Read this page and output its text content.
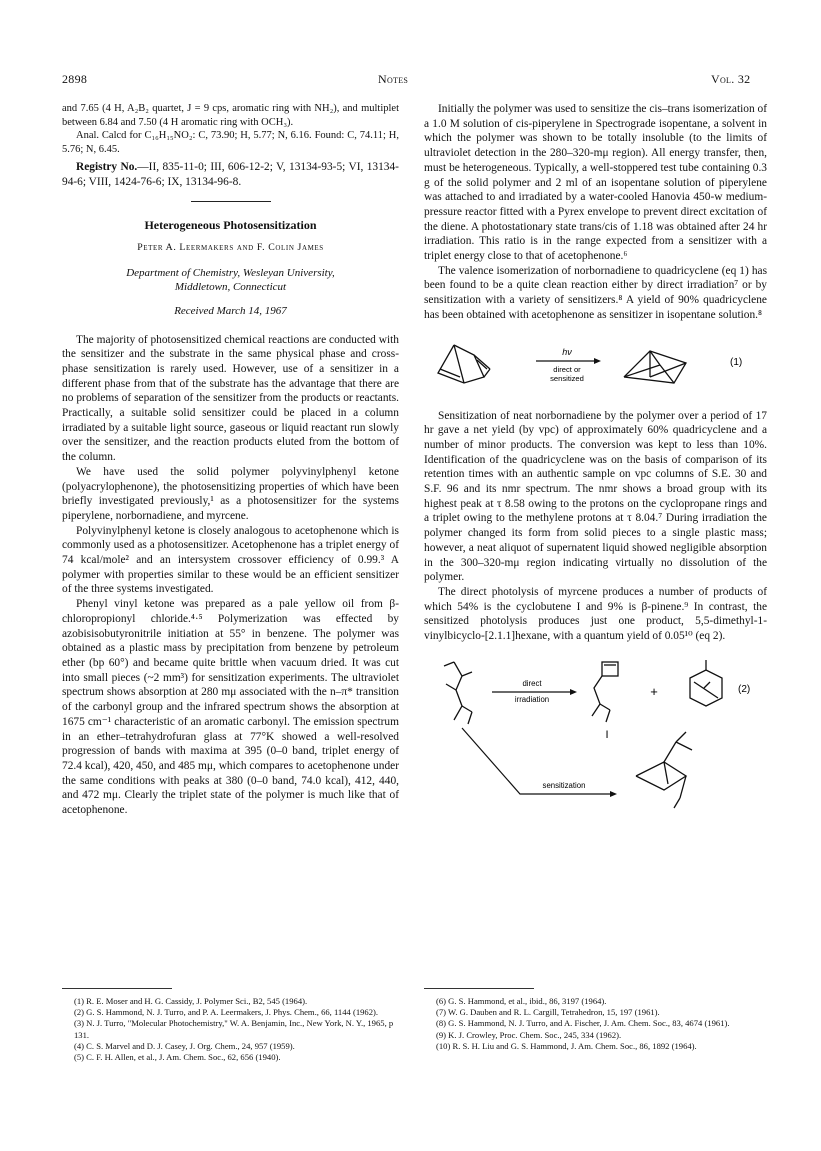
2898	Notes	Vol. 32

and 7.65 (4 H, A₂B₂ quartet, J = 9 cps, aromatic ring with NH₂), and multiplet between 6.84 and 7.50 (4 H aromatic ring with OCH₃).

Anal. Calcd for C₁₆H₁₅NO₂: C, 73.90; H, 5.77; N, 6.16. Found: C, 74.11; H, 5.76; N, 6.45.

Registry No.—II, 835-11-0; III, 606-12-2; V, 13134-93-5; VI, 13134-94-6; VIII, 1424-76-6; IX, 13134-96-8.

Heterogeneous Photosensitization
Peter A. Leermakers and F. Colin James
Department of Chemistry, Wesleyan University,
Middletown, Connecticut
Received March 14, 1967

The majority of photosensitized chemical reactions are conducted with the sensitizer and the substrate in the same physical phase and cross-phase sensitization is rarely used. However, use of a sensitizer in a different phase from that of the substrate has the advantage that there are no problems of separation of the sensitizer from the products or reactants. Practically, a suitable solid sensitizer could be placed in a column irradiated by a suitable light source, gaseous or liquid reactant run slowly over the sensitizer, and the reaction products eluted from the bottom of the column.

We have used the solid polymer polyvinylphenyl ketone (polyacrylophenone), the photosensitizing properties of which have been briefly investigated previously,¹ as a photosensitizer for the systems piperylene, norbornadiene, and myrcene.

Polyvinylphenyl ketone is closely analogous to acetophenone which is commonly used as a photosensitizer. Acetophenone has a triplet energy of 74 kcal/mole² and an intersystem crossover efficiency of 0.99.³ A polymer with properties similar to these would be an efficient sensitizer of the three systems investigated.

Phenyl vinyl ketone was prepared as a pale yellow oil from β-chloropropionyl chloride.⁴·⁵ Polymerization was effected by azobisisobutyronitrile initiation at 55° in benzene. The polymer was obtained as a plastic mass by precipitation from benzene by petroleum ether (bp 60°) and became quite brittle when vacuum dried. It was cut into small pieces (~2 mm³) for sensitization experiments. The ultraviolet spectrum shows absorption at 280 mμ associated with the n–π* transition of the carbonyl group and the infrared spectrum shows the absorption at 1675 cm⁻¹ characteristic of an aromatic carbonyl. The emission spectrum in an ether–tetrahydrofuran glass at 77°K showed a well-resolved progression of bands with maxima at 395 (0–0 band, triplet energy of 72.4 kcal), 420, 450, and 485 mμ, which compares to acetophenone under the same conditions with peaks at 380 (0–0 band, 74.0 kcal), 412, 440, and 472 mμ. Clearly the triplet state of the polymer is much like that of acetophenone.

Initially the polymer was used to sensitize the cis–trans isomerization of a 1.0 M solution of cis-piperylene in Spectrograde isopentane, a solvent in which the polymer was shown to be totally insoluble (to the limits of ultraviolet detection in the 280–320-mμ region). All energy transfer, then, must be heterogeneous. Typically, a well-stoppered test tube containing 0.3 g of the solid polymer and 2 ml of an isopentane solution of piperylene was attached to and irradiated by a water-cooled Hanovia 450-w medium-pressure reactor fitted with a Pyrex envelope to prevent direct excitation of the diene. A photostationary state trans/cis of 1.18 was obtained after 24 hr irradiation. This ratio is in the range expected from a sensitizer with a triplet energy close to that of acetophenone.⁶

The valence isomerization of norbornadiene to quadricyclene (eq 1) has been found to be a quite clean reaction either by direct irradiation⁷ or by sensitization with a variety of sensitizers.⁸ A yield of 90% quadricyclene has been obtained with acetophenone as sensitizer in isopentane solution.⁸

hν
direct or
sensitized
(1)

Sensitization of neat norbornadiene by the polymer over a period of 17 hr gave a net yield (by vpc) of approximately 60% quadricyclene and a number of minor products. The conversion was kept to less than 10%. Identification of the quadricyclene was on the basis of comparison of its retention times with an authentic sample on vpc columns of S.E. 30 and S.F. 96 and its nmr spectrum. The nmr shows a broad group with its highest peak at τ 8.58 owing to the protons on the cyclopropane rings and a triplet owing to the methylene protons at τ 8.04.⁷ During irradiation the polymer changed its form from solid pieces to a single plastic mass; however, a neat aliquot of supernatent liquid showed negligible absorption in the 300–320-mμ region indicating virtually no dissolution of the polymer.

The direct photolysis of myrcene produces a number of products of which 54% is the cyclobutene I and 9% is β-pinene.⁹ In contrast, the sensitized photolysis produces just one product, 5,5-dimethyl-1-vinylbicyclo-[2.1.1]hexane, with a quantum yield of 0.05¹⁰ (eq 2).

direct
irradiation
+	(2)
I
sensitization
(1) R. E. Moser and H. G. Cassidy, J. Polymer Sci., B2, 545 (1964).
(2) G. S. Hammond, N. J. Turro, and P. A. Leermakers, J. Phys. Chem., 66, 1144 (1962).
(3) N. J. Turro, "Molecular Photochemistry," W. A. Benjamin, Inc., New York, N. Y., 1965, p 131.
(4) C. S. Marvel and D. J. Casey, J. Org. Chem., 24, 957 (1959).
(5) C. F. H. Allen, et al., J. Am. Chem. Soc., 62, 656 (1940).
(6) G. S. Hammond, et al., ibid., 86, 3197 (1964).
(7) W. G. Dauben and R. L. Cargill, Tetrahedron, 15, 197 (1961).
(8) G. S. Hammond, N. J. Turro, and A. Fischer, J. Am. Chem. Soc., 83, 4674 (1961).
(9) K. J. Crowley, Proc. Chem. Soc., 245, 334 (1962).
(10) R. S. H. Liu and G. S. Hammond, J. Am. Chem. Soc., 86, 1892 (1964).
